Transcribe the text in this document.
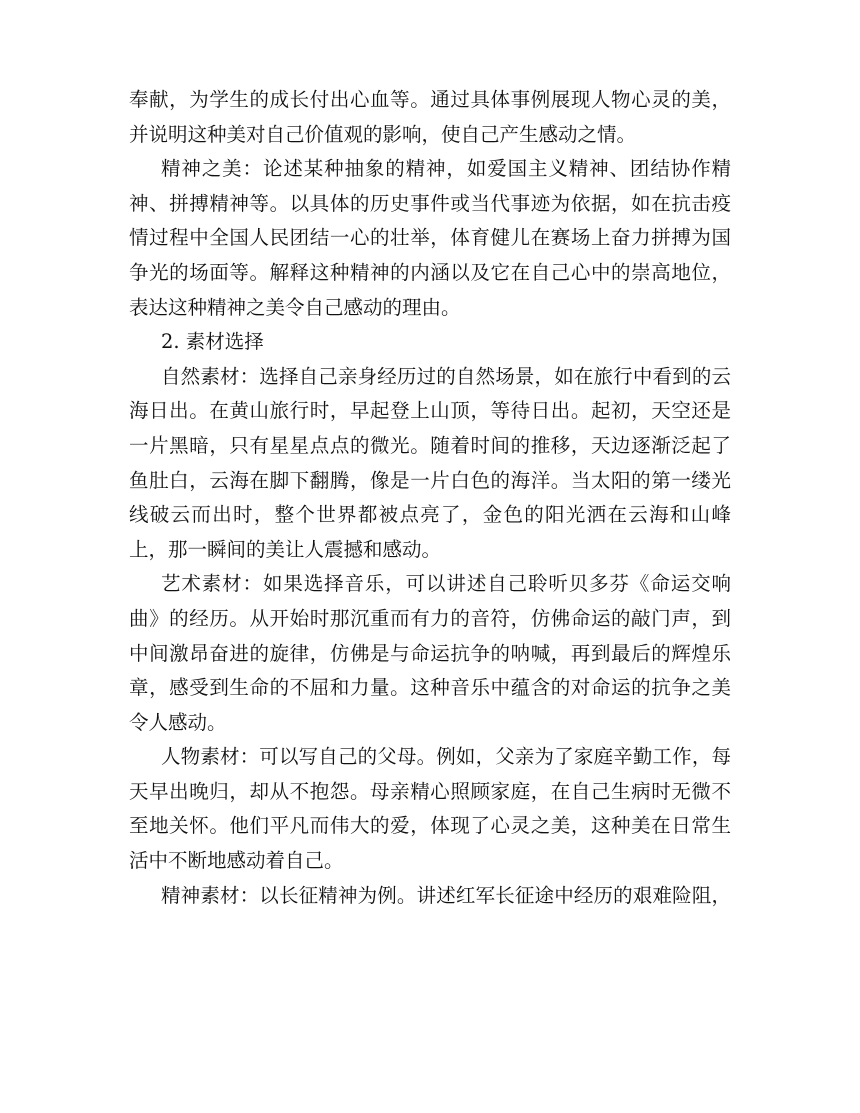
奉献，为学生的成长付出心血等。通过具体事例展现人物心灵的美，
并说明这种美对自己价值观的影响，使自己产生感动之情。
精神之美：论述某种抽象的精神，如爱国主义精神、团结协作精
神、拼搏精神等。以具体的历史事件或当代事迹为依据，如在抗击疫
情过程中全国人民团结一心的壮举，体育健儿在赛场上奋力拼搏为国
争光的场面等。解释这种精神的内涵以及它在自己心中的崇高地位，
表达这种精神之美令自己感动的理由。
2. 素材选择
自然素材：选择自己亲身经历过的自然场景，如在旅行中看到的云
海日出。在黄山旅行时，早起登上山顶，等待日出。起初，天空还是
一片黑暗，只有星星点点的微光。随着时间的推移，天边逐渐泛起了
鱼肚白，云海在脚下翻腾，像是一片白色的海洋。当太阳的第一缕光
线破云而出时，整个世界都被点亮了，金色的阳光洒在云海和山峰
上，那一瞬间的美让人震撼和感动。
艺术素材：如果选择音乐，可以讲述自己聆听贝多芬《命运交响
曲》的经历。从开始时那沉重而有力的音符，仿佛命运的敲门声，到
中间激昂奋进的旋律，仿佛是与命运抗争的呐喊，再到最后的辉煌乐
章，感受到生命的不屈和力量。这种音乐中蕴含的对命运的抗争之美
令人感动。
人物素材：可以写自己的父母。例如，父亲为了家庭辛勤工作，每
天早出晚归，却从不抱怨。母亲精心照顾家庭，在自己生病时无微不
至地关怀。他们平凡而伟大的爱，体现了心灵之美，这种美在日常生
活中不断地感动着自己。
精神素材：以长征精神为例。讲述红军长征途中经历的艰难险阻，
